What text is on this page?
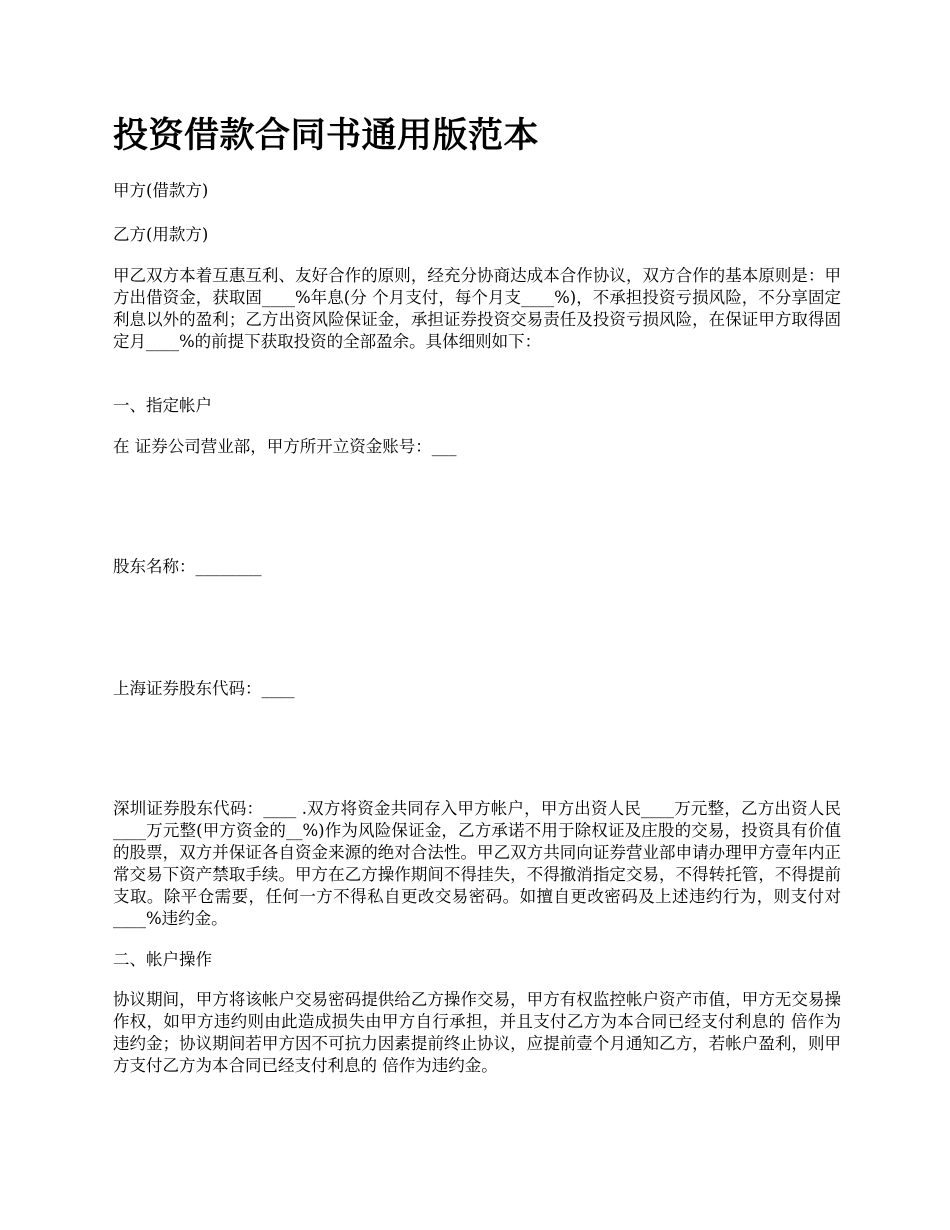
投资借款合同书通用版范本

甲方(借款方)

乙方(用款方)

甲乙双方本着互惠互利、友好合作的原则，经充分协商达成本合作协议，双方合作的基本原则是：甲方出借资金，获取固____%年息(分 个月支付，每个月支____%)，不承担投资亏损风险，不分享固定利息以外的盈利；乙方出资风险保证金，承担证券投资交易责任及投资亏损风险，在保证甲方取得固定月____%的前提下获取投资的全部盈余。具体细则如下：

一、指定帐户

在 证券公司营业部，甲方所开立资金账号：___

股东名称：________

上海证券股东代码：____

深圳证券股东代码：____ .双方将资金共同存入甲方帐户，甲方出资人民____万元整，乙方出资人民____万元整(甲方资金的__%)作为风险保证金，乙方承诺不用于除权证及庄股的交易，投资具有价值的股票，双方并保证各自资金来源的绝对合法性。甲乙双方共同向证券营业部申请办理甲方壹年内正常交易下资产禁取手续。甲方在乙方操作期间不得挂失，不得撤消指定交易，不得转托管，不得提前支取。除平仓需要，任何一方不得私自更改交易密码。如擅自更改密码及上述违约行为，则支付对____%违约金。

二、帐户操作

协议期间，甲方将该帐户交易密码提供给乙方操作交易，甲方有权监控帐户资产市值，甲方无交易操作权，如甲方违约则由此造成损失由甲方自行承担，并且支付乙方为本合同已经支付利息的 倍作为违约金；协议期间若甲方因不可抗力因素提前终止协议，应提前壹个月通知乙方，若帐户盈利，则甲方支付乙方为本合同已经支付利息的 倍作为违约金。
